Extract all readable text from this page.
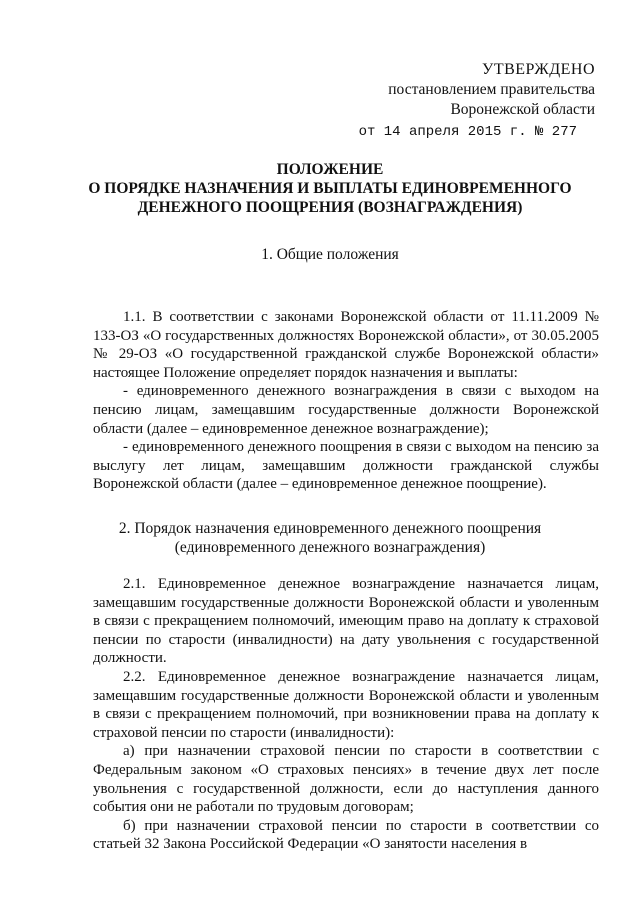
УТВЕРЖДЕНО
постановлением правительства
Воронежской области
от 14 апреля 2015 г. № 277
ПОЛОЖЕНИЕ
О ПОРЯДКЕ НАЗНАЧЕНИЯ И ВЫПЛАТЫ ЕДИНОВРЕМЕННОГО
ДЕНЕЖНОГО ПООЩРЕНИЯ (ВОЗНАГРАЖДЕНИЯ)
1. Общие положения

1.1. В соответствии с законами Воронежской области от 11.11.2009 № 133-ОЗ «О государственных должностях Воронежской области», от 30.05.2005 № 29-ОЗ «О государственной гражданской службе Воронежской области» настоящее Положение определяет порядок назначения и выплаты:

- единовременного денежного вознаграждения в связи с выходом на пенсию лицам, замещавшим государственные должности Воронежской области (далее – единовременное денежное вознаграждение);

- единовременного денежного поощрения в связи с выходом на пенсию за выслугу лет лицам, замещавшим должности гражданской службы Воронежской области (далее – единовременное денежное поощрение).

2. Порядок назначения единовременного денежного поощрения
(единовременного денежного вознаграждения)

2.1. Единовременное денежное вознаграждение назначается лицам, замещавшим государственные должности Воронежской области и уволенным в связи с прекращением полномочий, имеющим право на доплату к страховой пенсии по старости (инвалидности) на дату увольнения с государственной должности.

2.2. Единовременное денежное вознаграждение назначается лицам, замещавшим государственные должности Воронежской области и уволенным в связи с прекращением полномочий, при возникновении права на доплату к страховой пенсии по старости (инвалидности):

а) при назначении страховой пенсии по старости в соответствии с Федеральным законом «О страховых пенсиях» в течение двух лет после увольнения с государственной должности, если до наступления данного события они не работали по трудовым договорам;

б) при назначении страховой пенсии по старости в соответствии со статьей 32 Закона Российской Федерации «О занятости населения в
